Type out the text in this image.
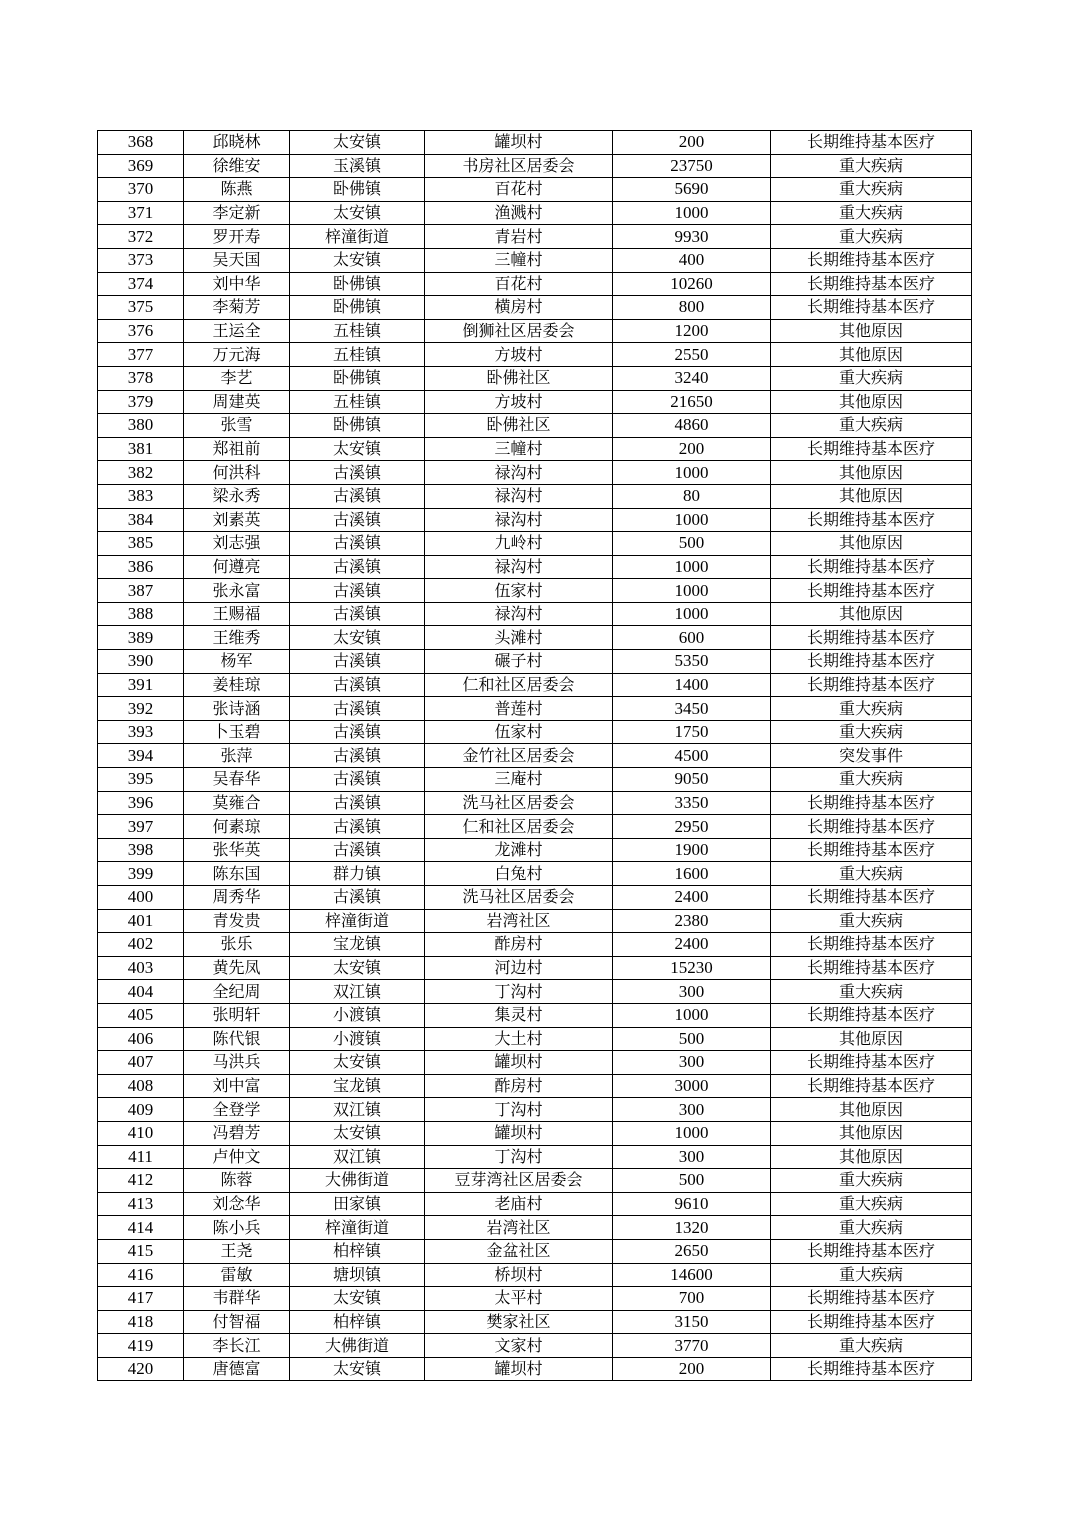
368	邱晓林	太安镇	罐坝村	200	长期维持基本医疗
369	徐维安	玉溪镇	书房社区居委会	23750	重大疾病
370	陈燕	卧佛镇	百花村	5690	重大疾病
371	李定新	太安镇	渔溅村	1000	重大疾病
372	罗开寿	梓潼街道	青岩村	9930	重大疾病
373	吴天国	太安镇	三幢村	400	长期维持基本医疗
374	刘中华	卧佛镇	百花村	10260	长期维持基本医疗
375	李菊芳	卧佛镇	横房村	800	长期维持基本医疗
376	王运全	五桂镇	倒狮社区居委会	1200	其他原因
377	万元海	五桂镇	方坡村	2550	其他原因
378	李艺	卧佛镇	卧佛社区	3240	重大疾病
379	周建英	五桂镇	方坡村	21650	其他原因
380	张雪	卧佛镇	卧佛社区	4860	重大疾病
381	郑祖前	太安镇	三幢村	200	长期维持基本医疗
382	何洪科	古溪镇	禄沟村	1000	其他原因
383	梁永秀	古溪镇	禄沟村	80	其他原因
384	刘素英	古溪镇	禄沟村	1000	长期维持基本医疗
385	刘志强	古溪镇	九岭村	500	其他原因
386	何遵亮	古溪镇	禄沟村	1000	长期维持基本医疗
387	张永富	古溪镇	伍家村	1000	长期维持基本医疗
388	王赐福	古溪镇	禄沟村	1000	其他原因
389	王维秀	太安镇	头滩村	600	长期维持基本医疗
390	杨军	古溪镇	碾子村	5350	长期维持基本医疗
391	姜桂琼	古溪镇	仁和社区居委会	1400	长期维持基本医疗
392	张诗涵	古溪镇	普莲村	3450	重大疾病
393	卜玉碧	古溪镇	伍家村	1750	重大疾病
394	张萍	古溪镇	金竹社区居委会	4500	突发事件
395	吴春华	古溪镇	三庵村	9050	重大疾病
396	莫雍合	古溪镇	洗马社区居委会	3350	长期维持基本医疗
397	何素琼	古溪镇	仁和社区居委会	2950	长期维持基本医疗
398	张华英	古溪镇	龙滩村	1900	长期维持基本医疗
399	陈东国	群力镇	白兔村	1600	重大疾病
400	周秀华	古溪镇	洗马社区居委会	2400	长期维持基本医疗
401	青发贵	梓潼街道	岩湾社区	2380	重大疾病
402	张乐	宝龙镇	酢房村	2400	长期维持基本医疗
403	黄先凤	太安镇	河边村	15230	长期维持基本医疗
404	全纪周	双江镇	丁沟村	300	重大疾病
405	张明轩	小渡镇	集灵村	1000	长期维持基本医疗
406	陈代银	小渡镇	大土村	500	其他原因
407	马洪兵	太安镇	罐坝村	300	长期维持基本医疗
408	刘中富	宝龙镇	酢房村	3000	长期维持基本医疗
409	全登学	双江镇	丁沟村	300	其他原因
410	冯碧芳	太安镇	罐坝村	1000	其他原因
411	卢仲文	双江镇	丁沟村	300	其他原因
412	陈蓉	大佛街道	豆芽湾社区居委会	500	重大疾病
413	刘念华	田家镇	老庙村	9610	重大疾病
414	陈小兵	梓潼街道	岩湾社区	1320	重大疾病
415	王尧	柏梓镇	金盆社区	2650	长期维持基本医疗
416	雷敏	塘坝镇	桥坝村	14600	重大疾病
417	韦群华	太安镇	太平村	700	长期维持基本医疗
418	付智福	柏梓镇	樊家社区	3150	长期维持基本医疗
419	李长江	大佛街道	文家村	3770	重大疾病
420	唐德富	太安镇	罐坝村	200	长期维持基本医疗
